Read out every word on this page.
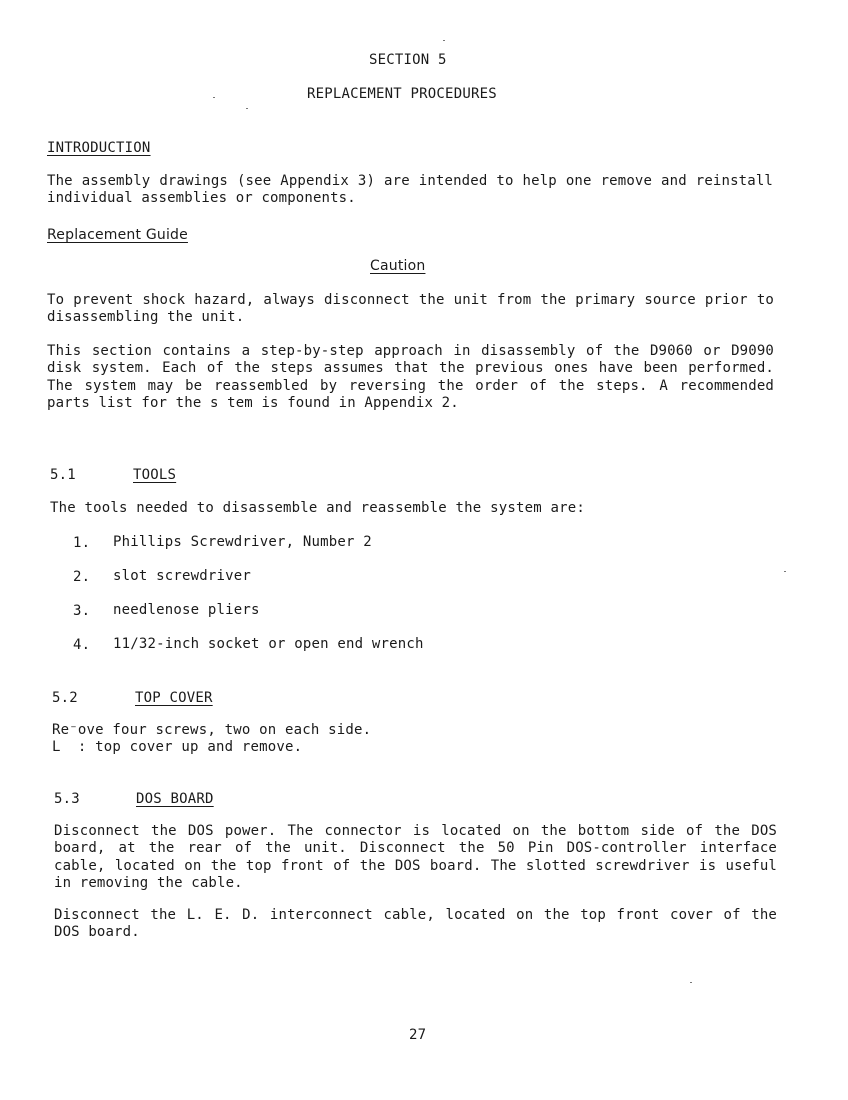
SECTION 5
REPLACEMENT PROCEDURES
INTRODUCTION
The assembly drawings (see Appendix 3) are intended to help one remove and reinstall individual assemblies or components.
Replacement Guide
Caution
To prevent shock hazard, always disconnect the unit from the primary source prior to disassembling the unit.
This section contains a step-by-step approach in disassembly of the D9060 or D9090 disk system. Each of the steps assumes that the previous ones have been performed. The system may be reassembled by reversing the order of the steps. A recommended parts list for the s tem is found in Appendix 2.
5.1	TOOLS
The tools needed to disassemble and reassemble the system are:
1. Phillips Screwdriver, Number 2
2. slot screwdriver
3. needlenose pliers
4. 11/32-inch socket or open end wrench
5.2	TOP COVER
Re⁻ove four screws, two on each side.
L  : top cover up and remove.
5.3	DOS BOARD
Disconnect the DOS power. The connector is located on the bottom side of the DOS board, at the rear of the unit. Disconnect the 50 Pin DOS-controller interface cable, located on the top front of the DOS board. The slotted screwdriver is useful in removing the cable.
Disconnect the L. E. D. interconnect cable, located on the top front cover of the DOS board.
27
